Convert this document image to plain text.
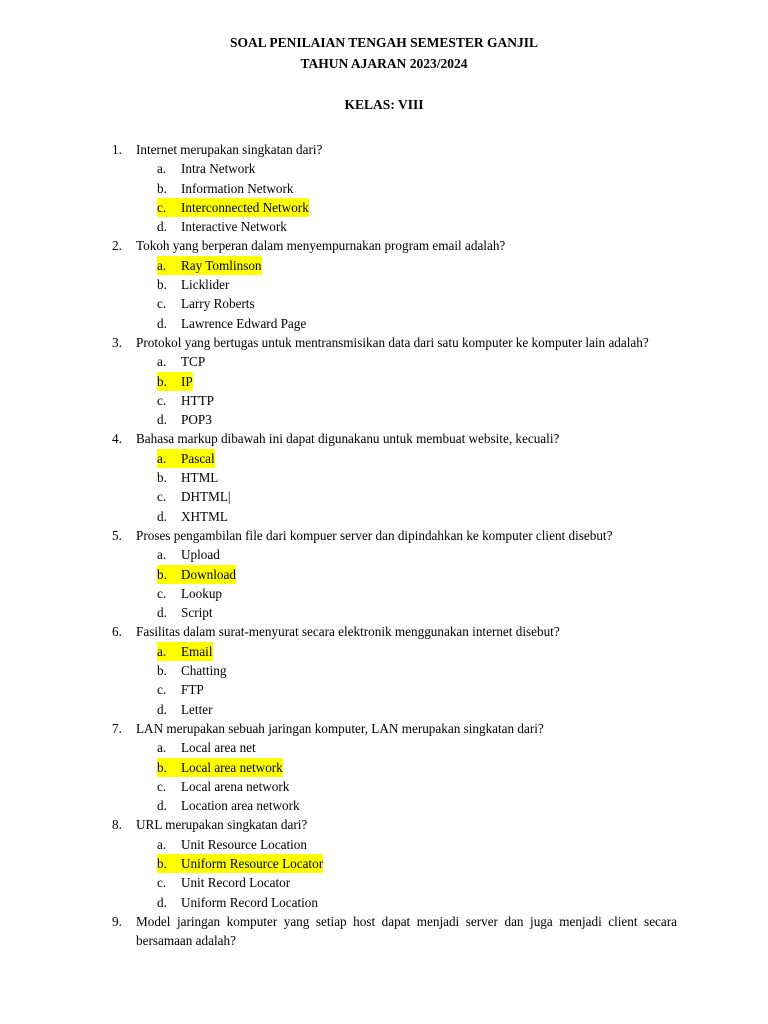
SOAL PENILAIAN TENGAH SEMESTER GANJIL
TAHUN AJARAN 2023/2024
KELAS: VIII
1. Internet merupakan singkatan dari?
a. Intra Network
b. Information Network
c. Interconnected Network
d. Interactive Network
2. Tokoh yang berperan dalam menyempurnakan program email adalah?
a. Ray Tomlinson
b. Licklider
c. Larry Roberts
d. Lawrence Edward Page
3. Protokol yang bertugas untuk mentransmisikan data dari satu komputer ke komputer lain adalah?
a. TCP
b. IP
c. HTTP
d. POP3
4. Bahasa markup dibawah ini dapat digunakanu untuk membuat website, kecuali?
a. Pascal
b. HTML
c. DHTML|
d. XHTML
5. Proses pengambilan file dari kompuer server dan dipindahkan ke komputer client disebut?
a. Upload
b. Download
c. Lookup
d. Script
6. Fasilitas dalam surat-menyurat secara elektronik menggunakan internet disebut?
a. Email
b. Chatting
c. FTP
d. Letter
7. LAN merupakan sebuah jaringan komputer, LAN merupakan singkatan dari?
a. Local area net
b. Local area network
c. Local arena network
d. Location area network
8. URL merupakan singkatan dari?
a. Unit Resource Location
b. Uniform Resource Locator
c. Unit Record Locator
d. Uniform Record Location
9. Model jaringan komputer yang setiap host dapat menjadi server dan juga menjadi client secara bersamaan adalah?
